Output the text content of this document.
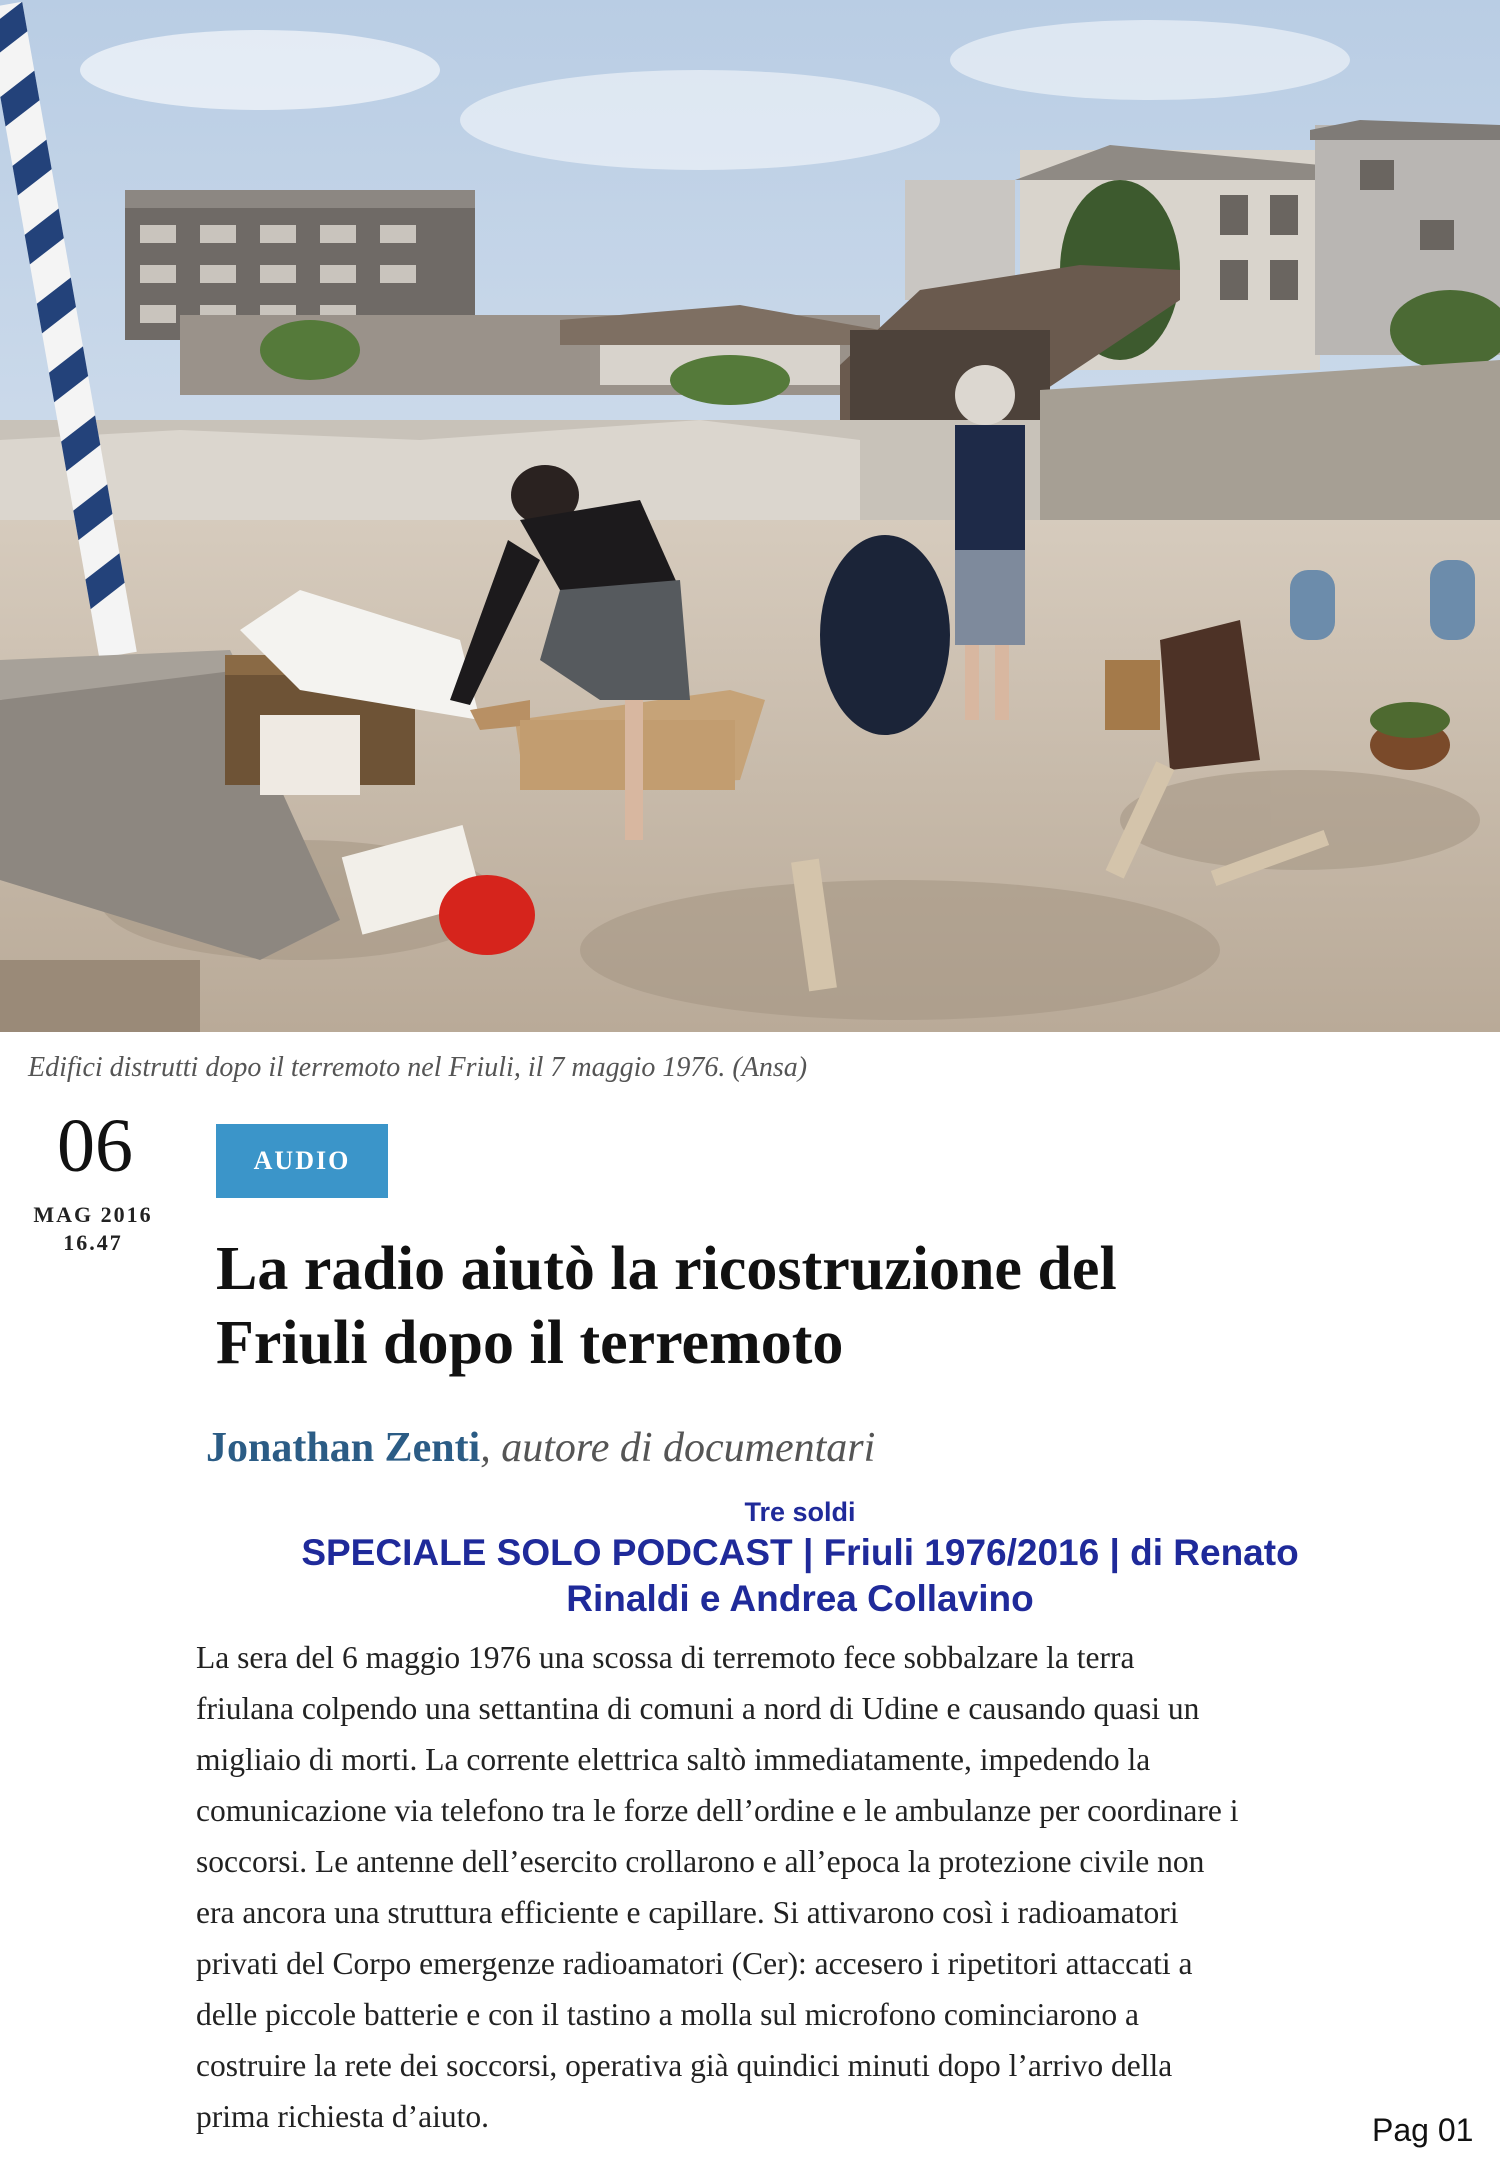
Edifici distrutti dopo il terremoto nel Friuli, il 7 maggio 1976. (Ansa)
06
MAG 2016
16.47
AUDIO
La radio aiutò la ricostruzione del
Friuli dopo il terremoto
Jonathan Zenti, autore di documentari
Tre soldi
SPECIALE SOLO PODCAST | Friuli 1976/2016 | di Renato
Rinaldi e Andrea Collavino
La sera del 6 maggio 1976 una scossa di terremoto fece sobbalzare la terra
friulana colpendo una settantina di comuni a nord di Udine e causando quasi un
migliaio di morti. La corrente elettrica saltò immediatamente, impedendo la
comunicazione via telefono tra le forze dell’ordine e le ambulanze per coordinare i
soccorsi. Le antenne dell’esercito crollarono e all’epoca la protezione civile non
era ancora una struttura efficiente e capillare. Si attivarono così i radioamatori
privati del Corpo emergenze radioamatori (Cer): accesero i ripetitori attaccati a
delle piccole batterie e con il tastino a molla sul microfono cominciarono a
costruire la rete dei soccorsi, operativa già quindici minuti dopo l’arrivo della
prima richiesta d’aiuto.	Pag 01
